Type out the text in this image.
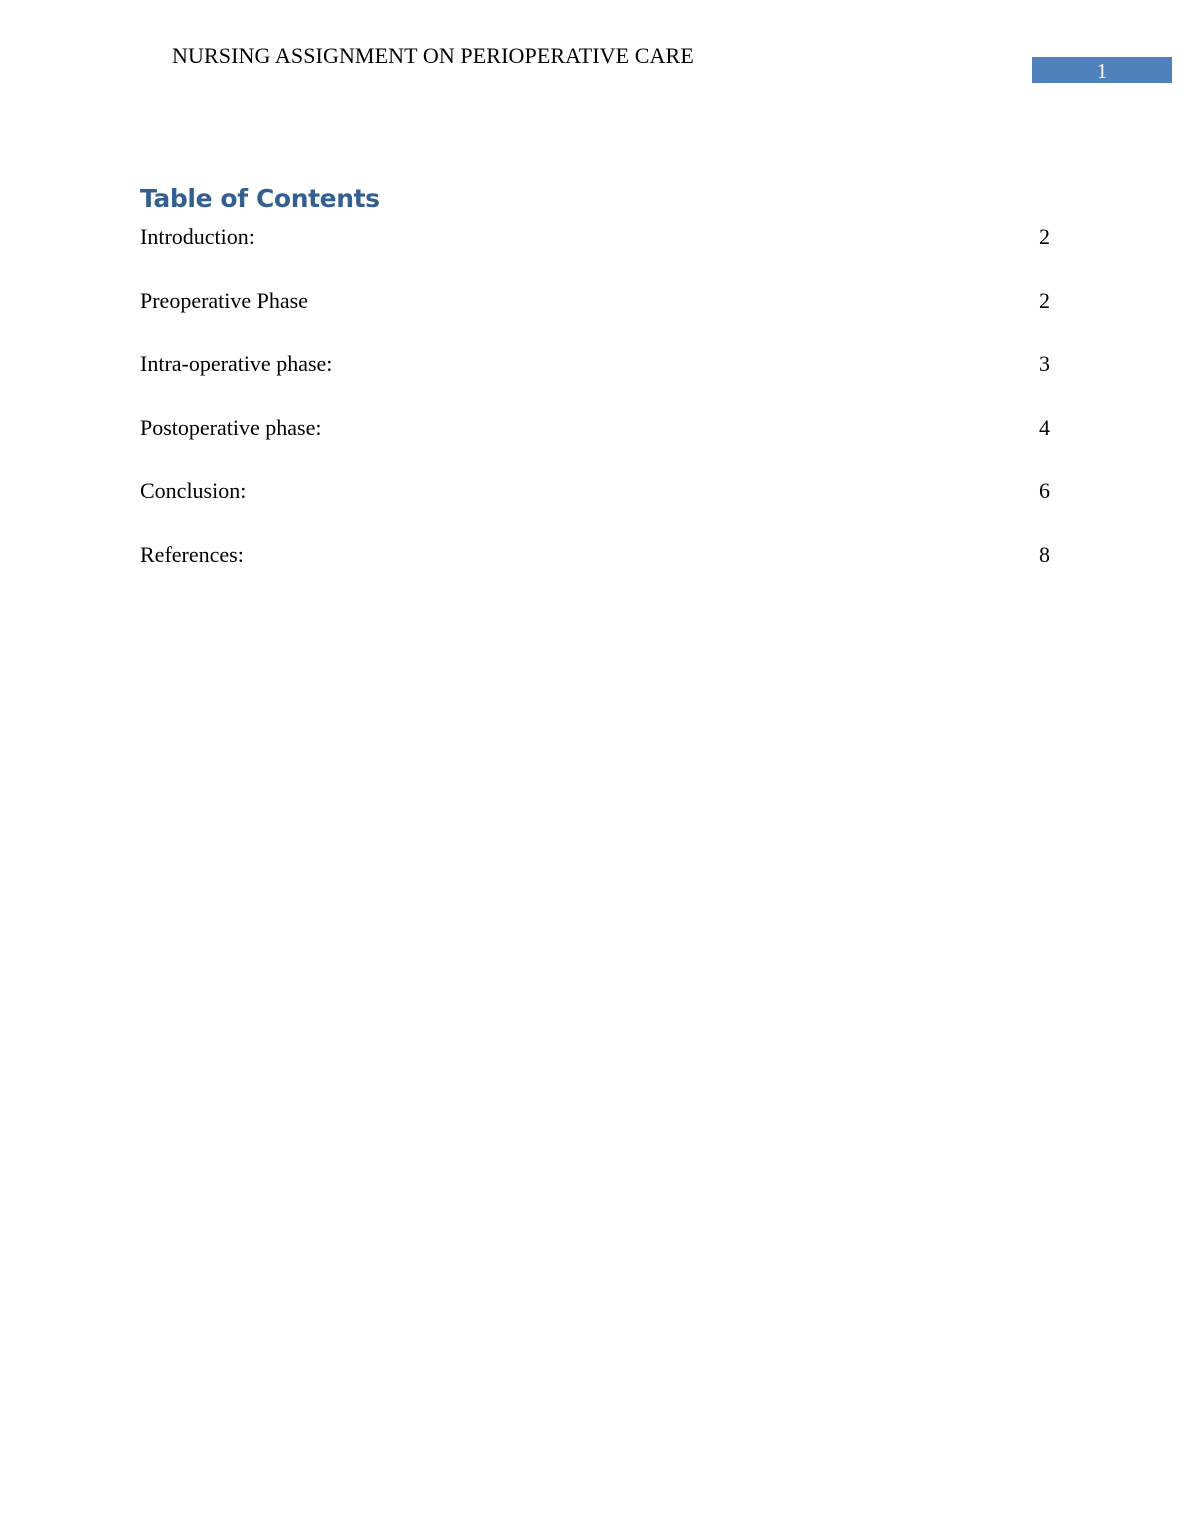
NURSING ASSIGNMENT ON PERIOPERATIVE CARE
1
Table of Contents
Introduction:	2
Preoperative Phase	2
Intra-operative phase:	3
Postoperative phase:	4
Conclusion:	6
References:	8
